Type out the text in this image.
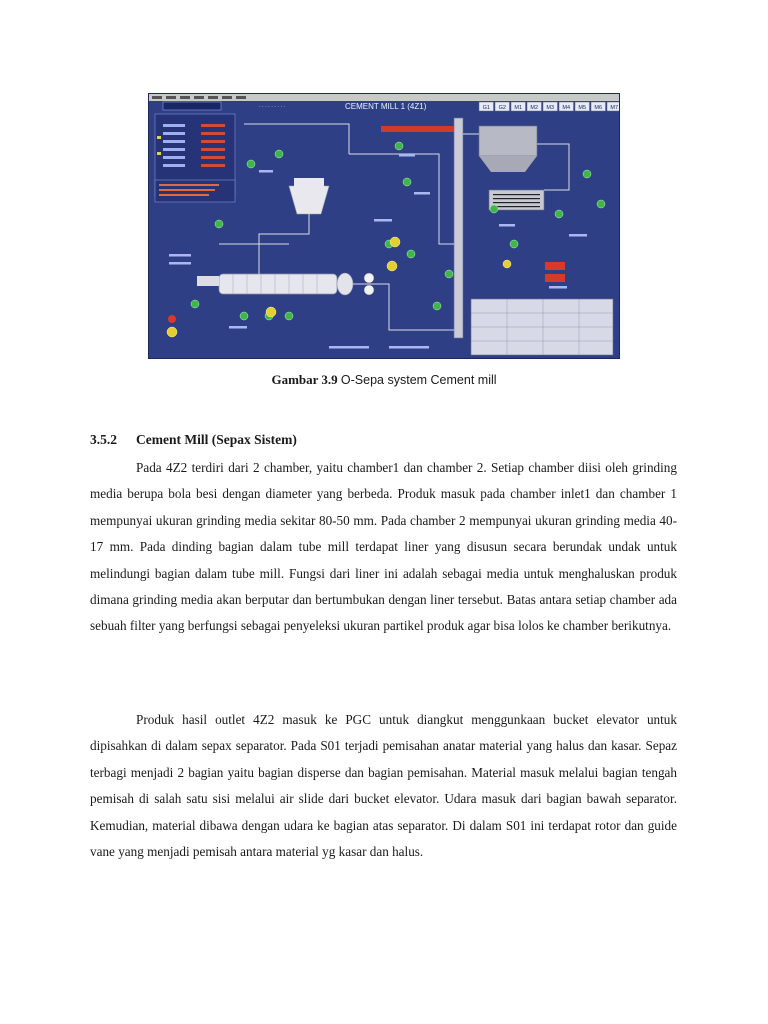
· · · · · · · · ·	CEMENT MILL 1 (4Z1)	G1 G2 M1 M2 M3 M4 M5 M6 M7
Gambar 3.9 O-Sepa system Cement mill
3.5.2 Cement Mill (Sepax Sistem)

Pada 4Z2 terdiri dari 2 chamber, yaitu chamber1 dan chamber 2. Setiap chamber diisi oleh grinding media berupa bola besi dengan diameter yang berbeda. Produk masuk pada chamber inlet1 dan chamber 1 mempunyai ukuran grinding media sekitar 80-50 mm. Pada chamber 2 mempunyai ukuran grinding media 40- 17 mm. Pada dinding bagian dalam tube mill terdapat liner yang disusun secara berundak undak untuk melindungi bagian dalam tube mill. Fungsi dari liner ini adalah sebagai media untuk menghaluskan produk dimana grinding media akan berputar dan bertumbukan dengan liner tersebut. Batas antara setiap chamber ada sebuah filter yang berfungsi sebagai penyeleksi ukuran partikel produk agar bisa lolos ke chamber berikutnya.

Produk hasil outlet 4Z2 masuk ke PGC untuk diangkut menggunkaan bucket elevator untuk dipisahkan di dalam sepax separator. Pada S01 terjadi pemisahan anatar material yang halus dan kasar. Sepaz terbagi menjadi 2 bagian yaitu bagian disperse dan bagian pemisahan. Material masuk melalui bagian tengah pemisah di salah satu sisi melalui air slide dari bucket elevator. Udara masuk dari bagian bawah separator. Kemudian, material dibawa dengan udara ke bagian atas separator. Di dalam S01 ini terdapat rotor dan guide vane yang menjadi pemisah antara material yg kasar dan halus.
